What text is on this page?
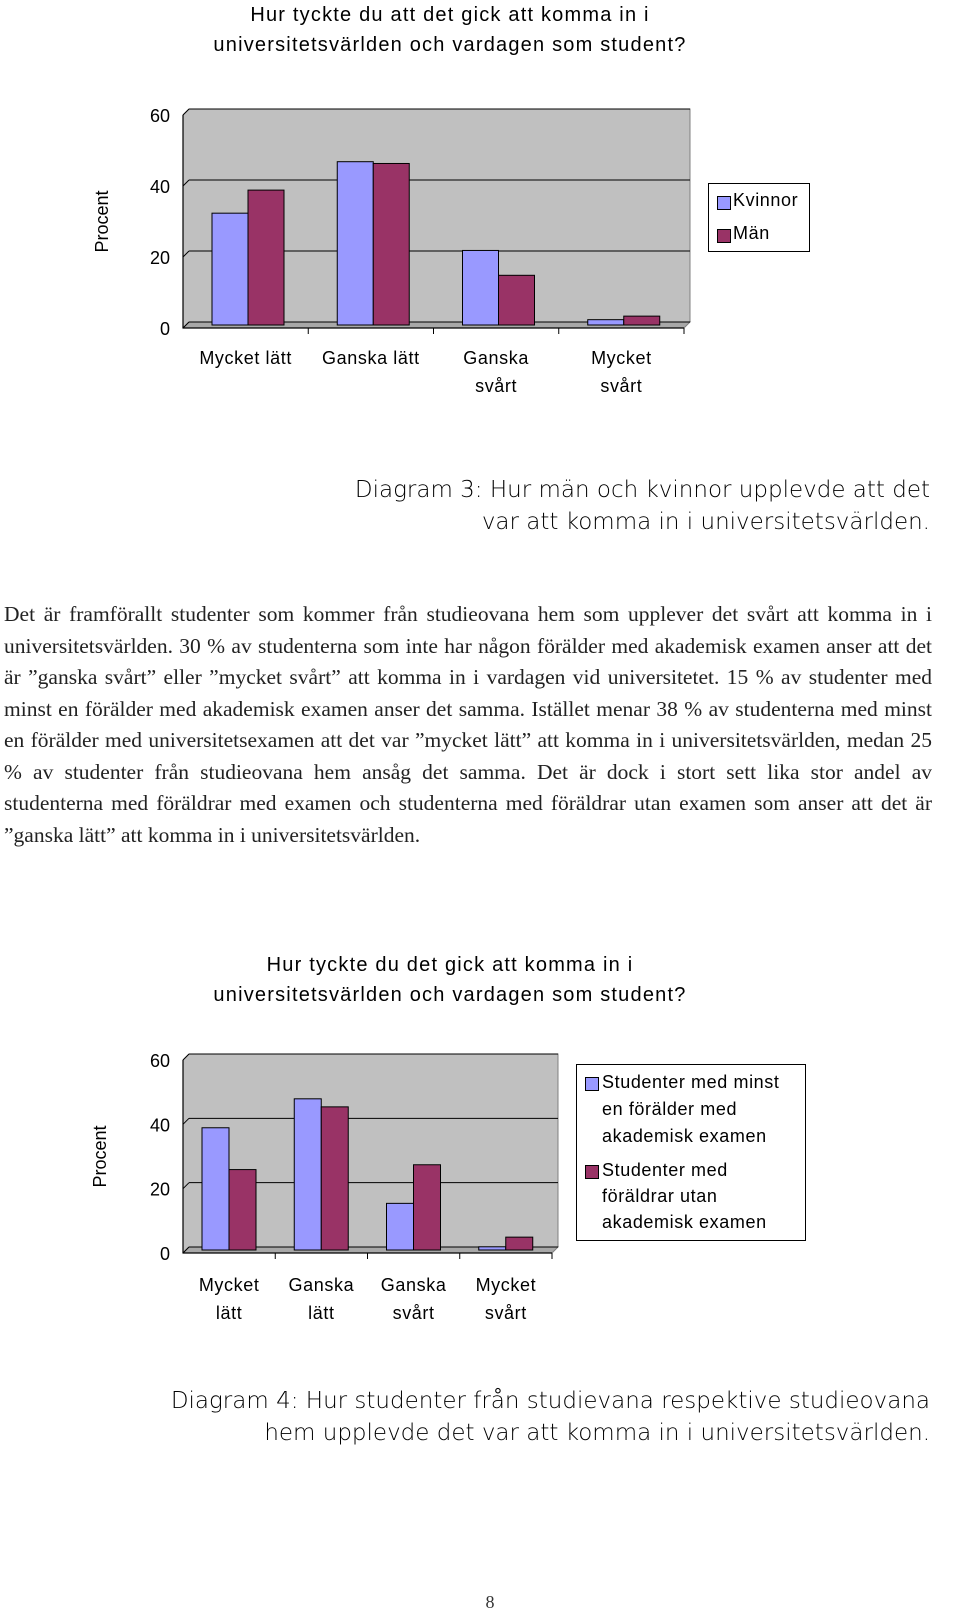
Hur tyckte du att det gick att komma in i
universitetsvärlden och vardagen som student?
0
20
40
60
Procent
Mycket lätt Ganska lätt Ganska
svårt
Mycket
svårt
Kvinnor
Män
Diagram 3: Hur män och kvinnor upplevde att det
var att komma in i universitetsvärlden.

Det är framförallt studenter som kommer från studieovana hem som upplever det svårt att komma in i universitetsvärlden. 30 % av studenterna som inte har någon förälder med akademisk examen anser att det är ”ganska svårt” eller ”mycket svårt” att komma in i vardagen vid universitetet. 15 % av studenter med minst en förälder med akademisk examen anser det samma. Istället menar 38 % av studenterna med minst en förälder med universitetsexamen att det var ”mycket lätt” att komma in i universitetsvärlden, medan 25 % av studenter från studieovana hem ansåg det samma. Det är dock i stort sett lika stor andel av studenterna med föräldrar med examen och studenterna med föräldrar utan examen som anser att det är ”ganska lätt” att komma in i universitetsvärlden.

Hur tyckte du det gick att komma in i
universitetsvärlden och vardagen som student?
0
20
40
60
Procent
Mycket
lätt
Ganska
lätt
Ganska
svårt
Mycket
svårt
Studenter med minst
en förälder med
akademisk examen
Studenter med
föräldrar utan
akademisk examen
Diagram 4: Hur studenter från studievana respektive studieovana
hem upplevde det var att komma in i universitetsvärlden.
8
